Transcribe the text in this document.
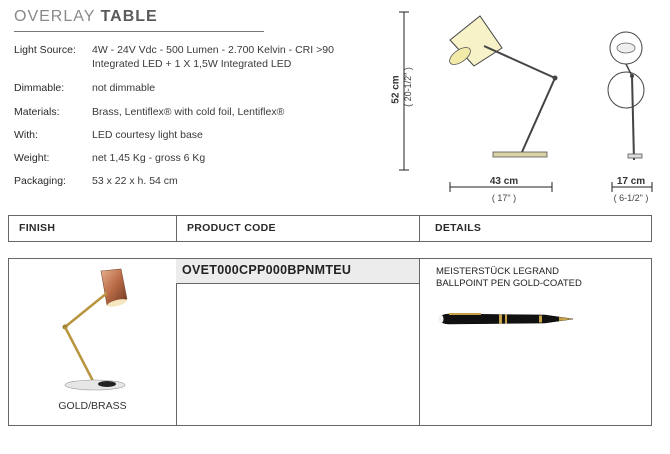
OVERLAY TABLE
Light Source: 4W - 24V Vdc - 500 Lumen - 2.700 Kelvin - CRI >90
Integrated LED + 1 X 1,5W Integrated LED
Dimmable:	not dimmable
Materials:	Brass, Lentiflex® with cold foil, Lentiflex®
With:	LED courtesy light base
Weight:	net 1,45 Kg - gross 6 Kg
Packaging: 53 x 22 x h. 54 cm
52 cm ( 20-1/2" )
43 cm
( 17" )
17 cm
( 6-1/2" )
FINISH	PRODUCT CODE	DETAILS
GOLD/BRASS
OVET000CPP000BPNMTEU	MEISTERSTÜCK LEGRAND
BALLPOINT PEN GOLD-COATED
